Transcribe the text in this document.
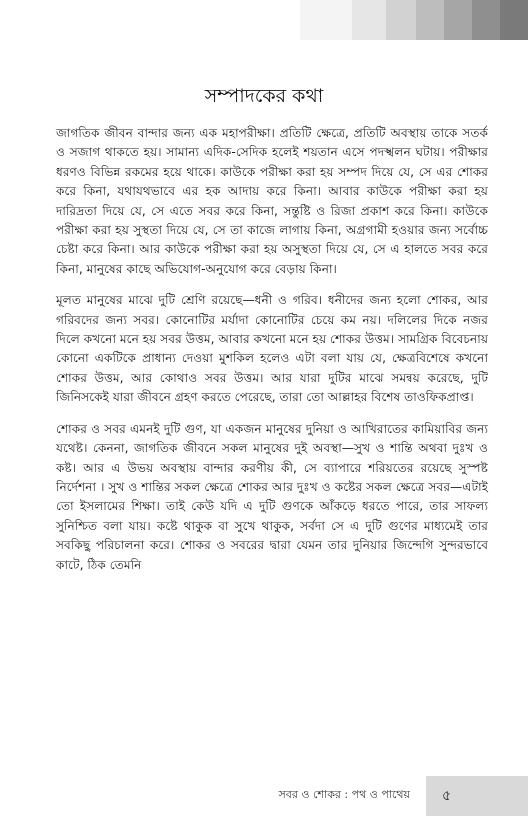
সম্পাদকের কথা

জাগতিক জীবন বান্দার জন্য এক মহাপরীক্ষা। প্রতিটি ক্ষেত্রে, প্রতিটি অবস্থায় তাকে সতর্ক ও সজাগ থাকতে হয়। সামান্য এদিক-সেদিক হলেই শয়তান এসে পদস্খলন ঘটায়। পরীক্ষার ধরণও বিভিন্ন রকমের হয়ে থাকে। কাউকে পরীক্ষা করা হয় সম্পদ দিয়ে যে, সে এর শোকর করে কিনা, যথাযথভাবে এর হক আদায় করে কিনা। আবার কাউকে পরীক্ষা করা হয় দারিদ্রতা দিয়ে যে, সে এতে সবর করে কিনা, সন্তুষ্টি ও রিজা প্রকাশ করে কিনা। কাউকে পরীক্ষা করা হয় সুস্থতা দিয়ে যে, সে তা কাজে লাগায় কিনা, অগ্রগামী হওয়ার জন্য সর্বোচ্চ চেষ্টা করে কিনা। আর কাউকে পরীক্ষা করা হয় অসুস্থতা দিয়ে যে, সে এ হালতে সবর করে কিনা, মানুষের কাছে অভিযোগ-অনুযোগ করে বেড়ায় কিনা।

মূলত মানুষের মাঝে দুটি শ্রেণি রয়েছে—ধনী ও গরিব। ধনীদের জন্য হলো শোকর, আর গরিবদের জন্য সবর। কোনোটির মর্যাদা কোনোটির চেয়ে কম নয়। দলিলের দিকে নজর দিলে কখনো মনে হয় সবর উত্তম, আবার কখনো মনে হয় শোকর উত্তম। সামগ্রিক বিবেচনায় কোনো একটিকে প্রাধান্য দেওয়া মুশকিল হলেও এটা বলা যায় যে, ক্ষেত্রবিশেষে কখনো শোকর উত্তম, আর কোথাও সবর উত্তম। আর যারা দুটির মাঝে সমন্বয় করেছে, দুটি জিনিসকেই যারা জীবনে গ্রহণ করতে পেরেছে, তারা তো আল্লাহর বিশেষ তাওফিকপ্রাপ্ত।

শোকর ও সবর এমনই দুটি গুণ, যা একজন মানুষের দুনিয়া ও আখিরাতের কামিয়াবির জন্য যথেষ্ট। কেননা, জাগতিক জীবনে সকল মানুষের দুই অবস্থা—সুখ ও শান্তি অথবা দুঃখ ও কষ্ট। আর এ উভয় অবস্থায় বান্দার করণীয় কী, সে ব্যাপারে শরিয়তের রয়েছে সুস্পষ্ট নির্দেশনা । সুখ ও শান্তির সকল ক্ষেত্রে শোকর আর দুঃখ ও কষ্টের সকল ক্ষেত্রে সবর—এটাই তো ইসলামের শিক্ষা। তাই কেউ যদি এ দুটি গুণকে আঁকড়ে ধরতে পারে, তার সাফল্য সুনিশ্চিত বলা যায়। কষ্টে থাকুক বা সুখে থাকুক, সর্বদা সে এ দুটি গুণের মাধ্যমেই তার সবকিছু পরিচালনা করে। শোকর ও সবরের দ্বারা যেমন তার দুনিয়ার জিন্দেগি সুন্দরভাবে কাটে, ঠিক তেমনি

সবর ও শোকর : পথ ও পাথেয় ৫
